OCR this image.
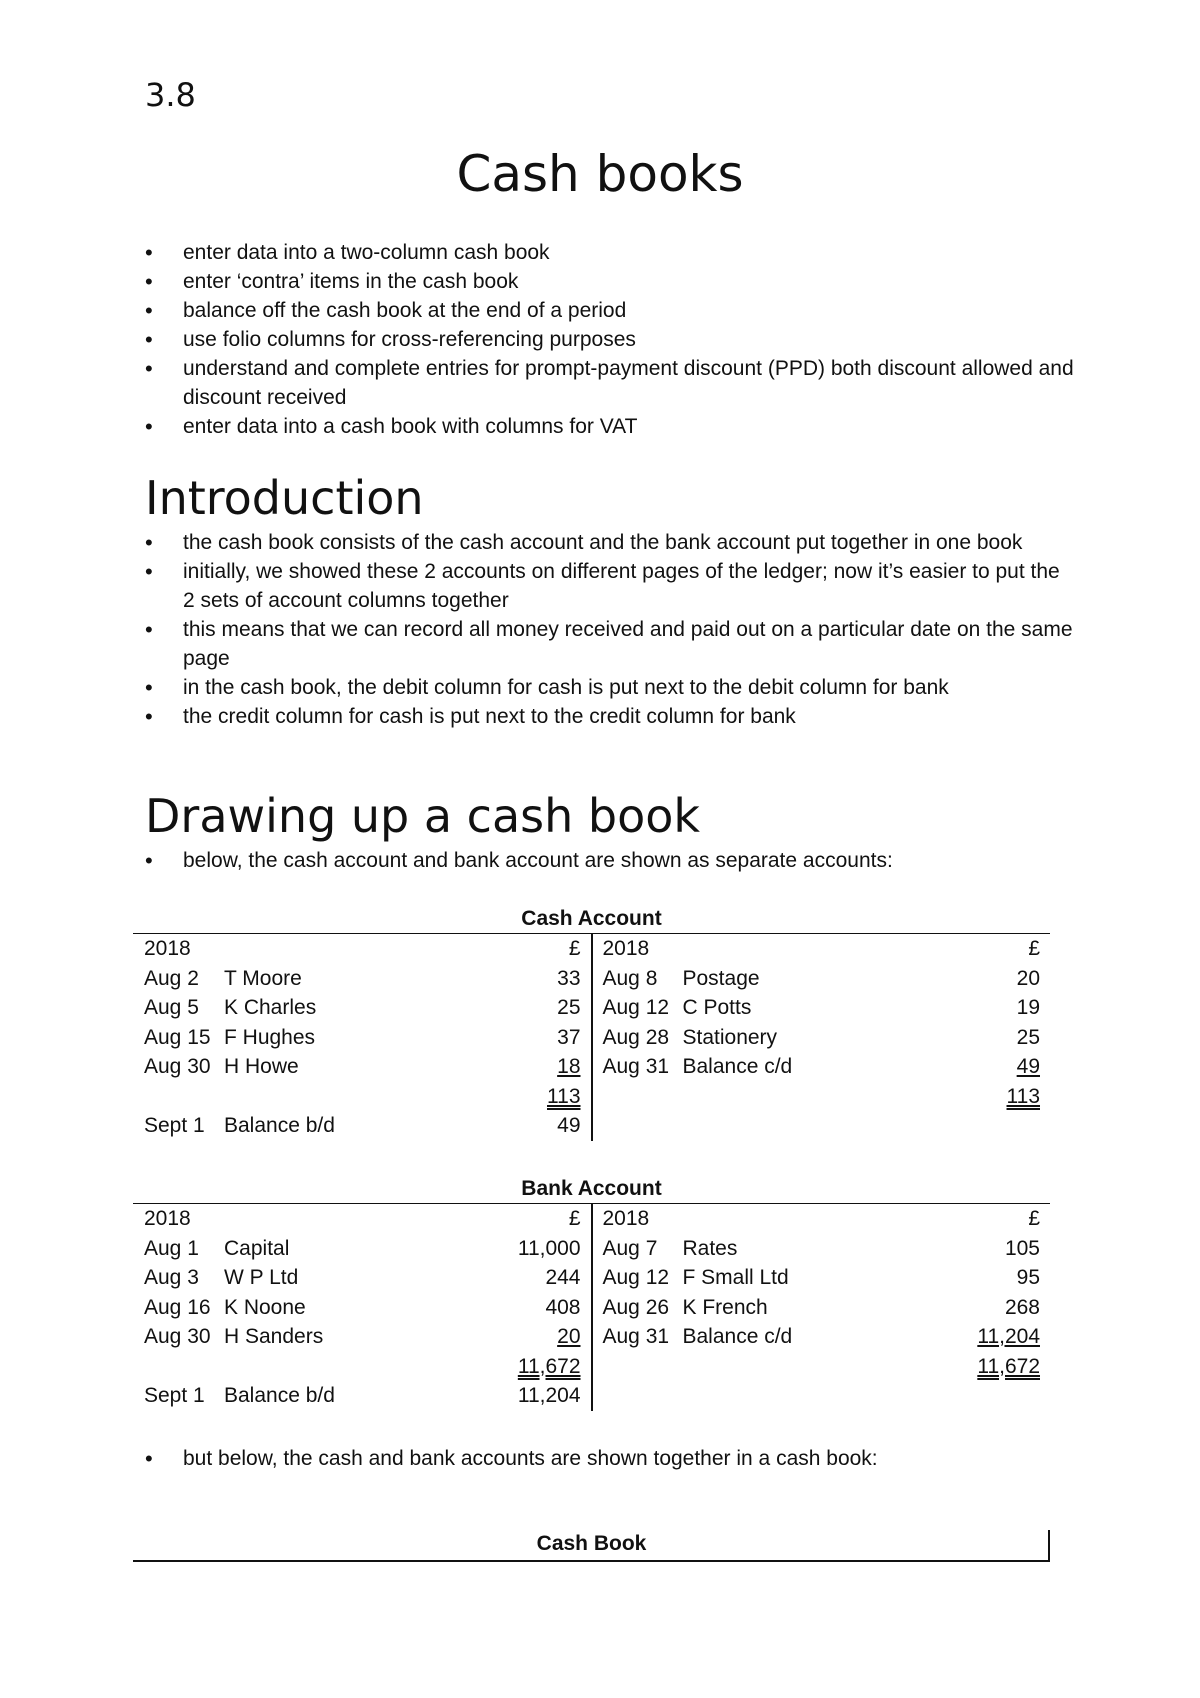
3.8
Cash books
• enter data into a two-column cash book
• enter ‘contra’ items in the cash book
• balance off the cash book at the end of a period
• use folio columns for cross-referencing purposes
• understand and complete entries for prompt-payment discount (PPD) both discount allowed and discount received
• enter data into a cash book with columns for VAT
Introduction
• the cash book consists of the cash account and the bank account put together in one book
• initially, we showed these 2 accounts on different pages of the ledger; now it’s easier to put the 2 sets of account columns together
• this means that we can record all money received and paid out on a particular date on the same page
• in the cash book, the debit column for cash is put next to the debit column for bank
• the credit column for cash is put next to the credit column for bank
Drawing up a cash book
• below, the cash account and bank account are shown as separate accounts:
Cash Account
2018	£
Aug 2	T Moore	33
Aug 5	K Charles	25
Aug 15 F Hughes	37
Aug 30 H Howe	18
113
Sept 1 Balance b/d	49
2018	£
Aug 8	Postage	20
Aug 12 C Potts	19
Aug 28 Stationery	25
Aug 31 Balance c/d	49
113
Bank Account
2018	£
Aug 1	Capital	11,000
Aug 3	W P Ltd	244
Aug 16 K Noone	408
Aug 30 H Sanders	20
11,672
Sept 1 Balance b/d	11,204
2018	£
Aug 7	Rates	105
Aug 12 F Small Ltd	95
Aug 26 K French	268
Aug 31 Balance c/d	11,204
11,672
• but below, the cash and bank accounts are shown together in a cash book:
Cash Book
